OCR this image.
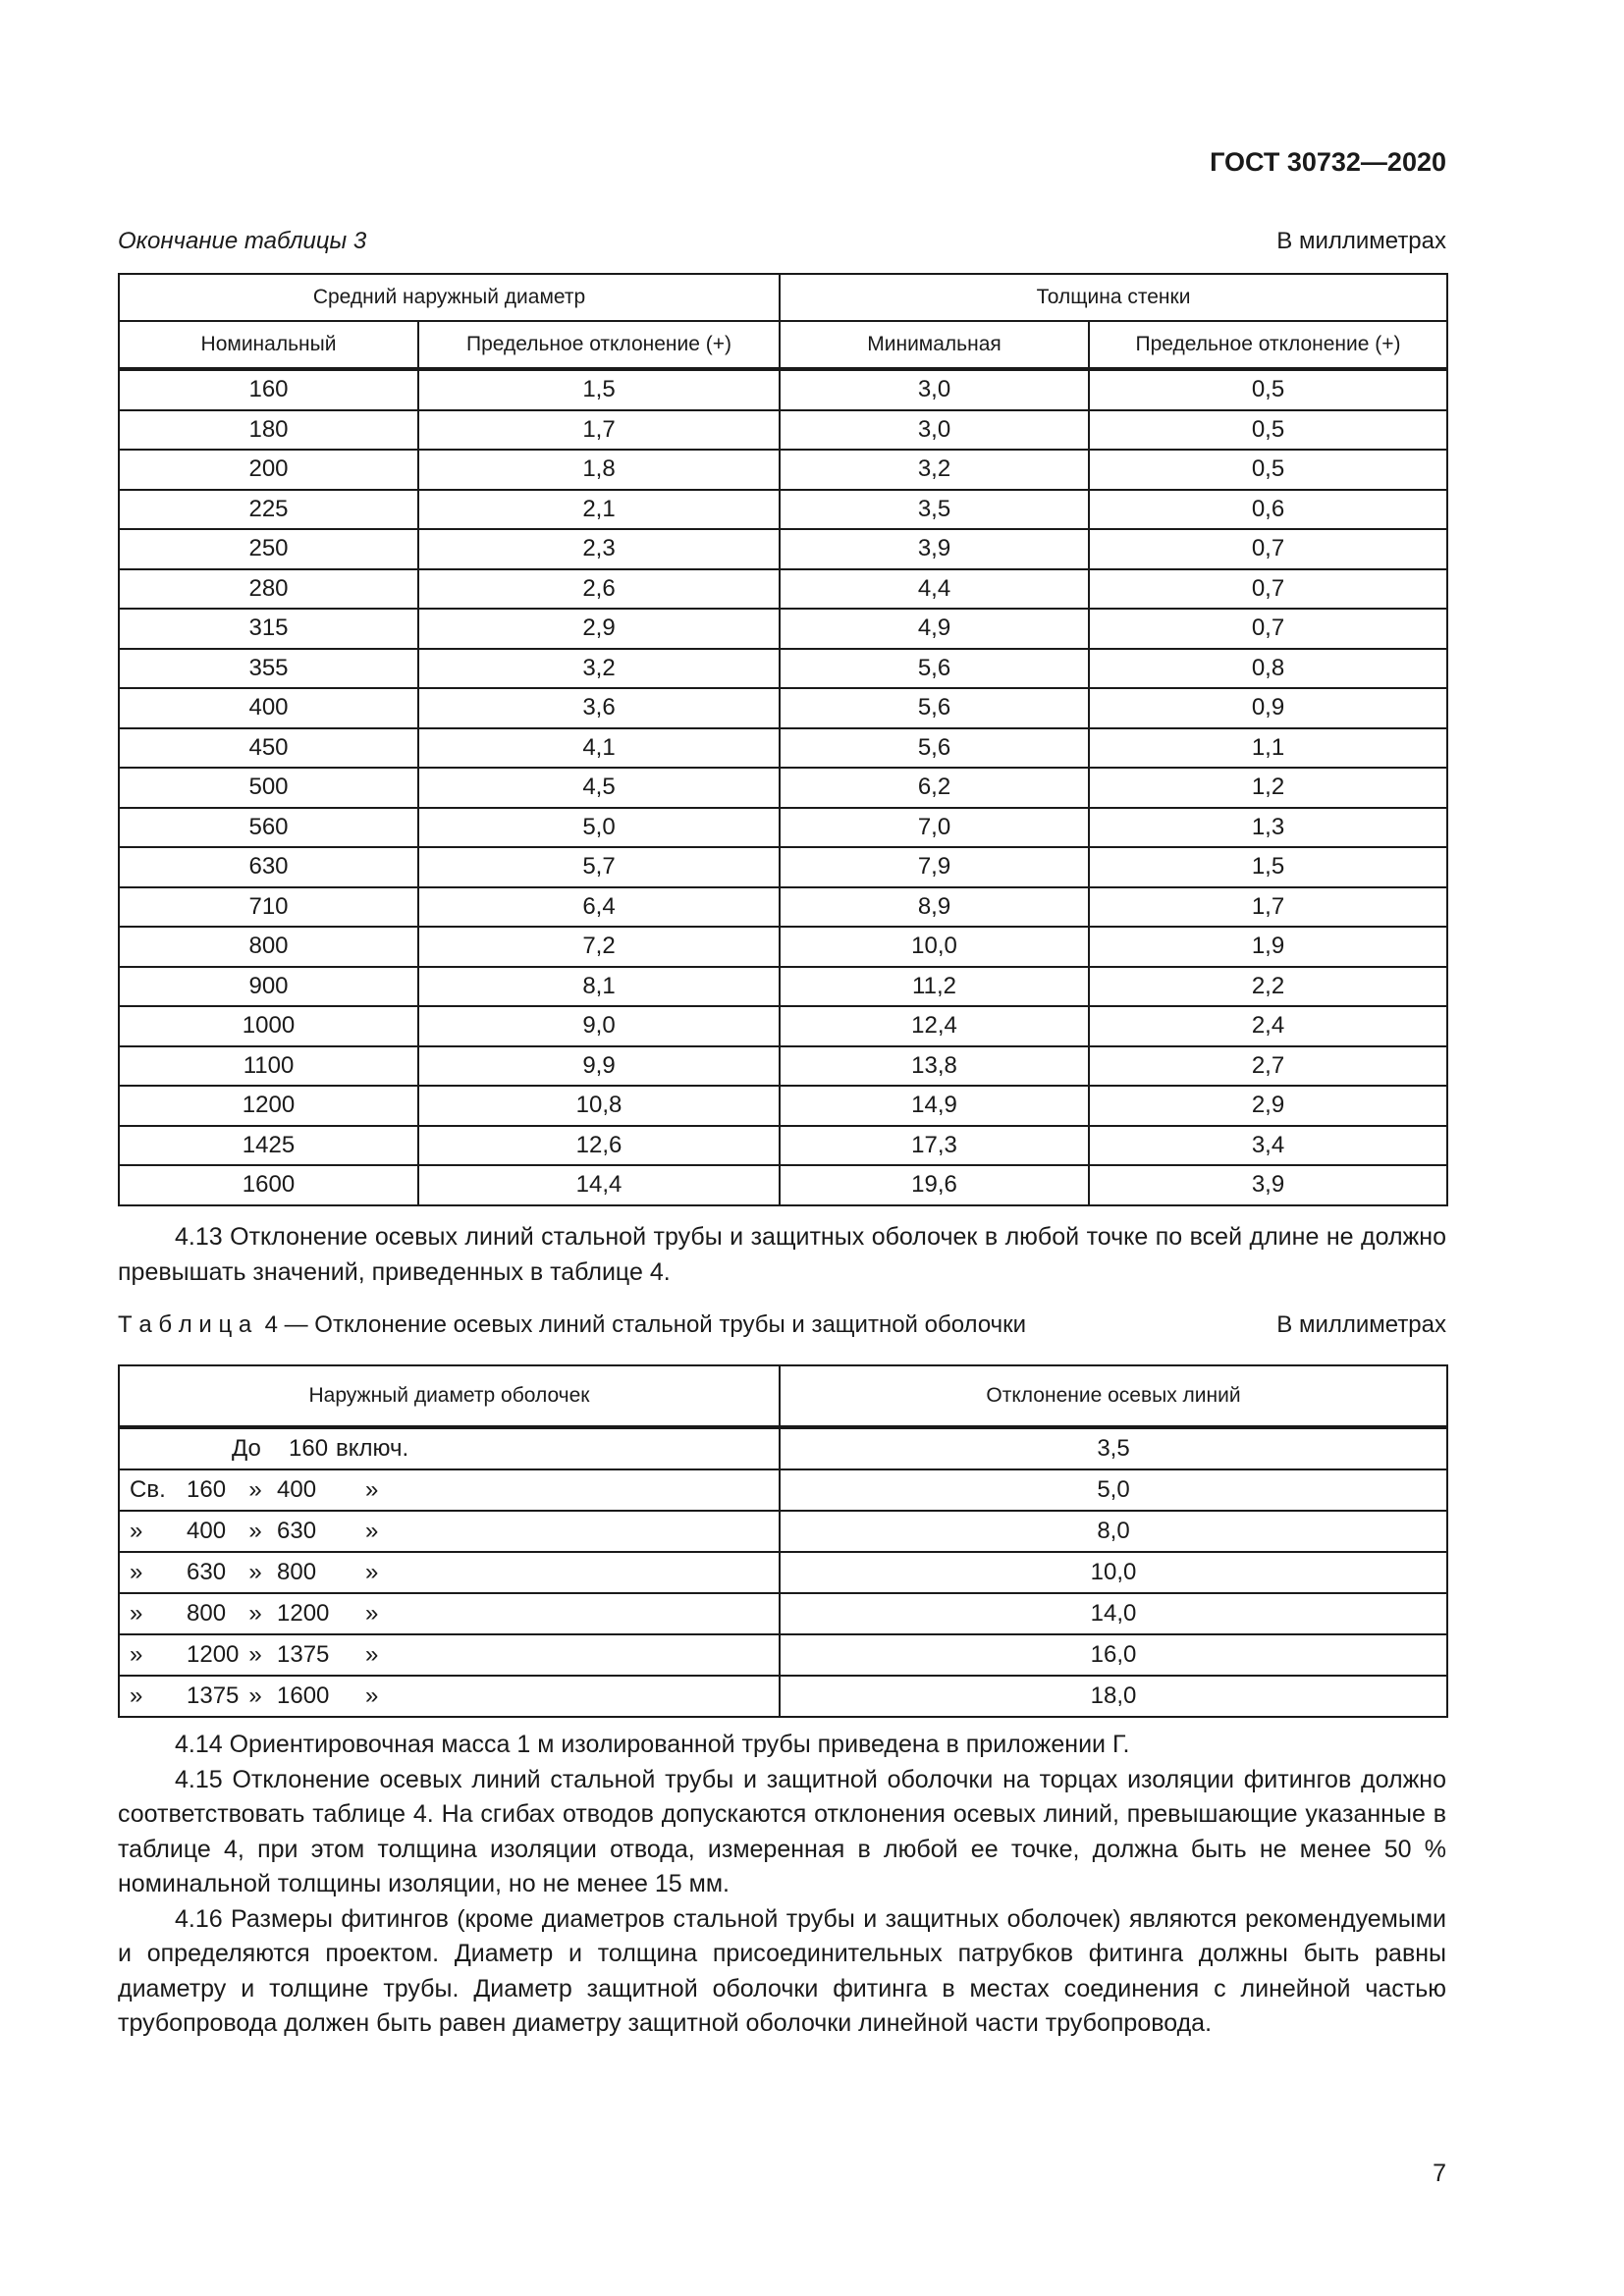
ГОСТ 30732—2020
Окончание таблицы 3	В миллиметрах
Средний наружный диаметр		Толщина стенки	
Номинальный	Предельное отклонение (+)	Минимальная	Предельное отклонение (+)
160	1,5	3,0	0,5
180	1,7	3,0	0,5
200	1,8	3,2	0,5
225	2,1	3,5	0,6
250	2,3	3,9	0,7
280	2,6	4,4	0,7
315	2,9	4,9	0,7
355	3,2	5,6	0,8
400	3,6	5,6	0,9
450	4,1	5,6	1,1
500	4,5	6,2	1,2
560	5,0	7,0	1,3
630	5,7	7,9	1,5
710	6,4	8,9	1,7
800	7,2	10,0	1,9
900	8,1	11,2	2,2
1000	9,0	12,4	2,4
1100	9,9	13,8	2,7
1200	10,8	14,9	2,9
1425	12,6	17,3	3,4
1600	14,4	19,6	3,9

4.13 Отклонение осевых линий стальной трубы и защитных оболочек в любой точке по всей длине не должно превышать значений, приведенных в таблице 4.

Т а б л и ц а  4 — Отклонение осевых линий стальной трубы и защитной оболочки	В миллиметрах
Наружный диаметр оболочек	Отклонение осевых линий

До 160 включ.	3,5

Св. 160 » 400 »	5,0

» 400 » 630 »	8,0

» 630 » 800 »	10,0

» 800 » 1200 »	14,0

» 1200 » 1375 »	16,0

» 1375 » 1600 »	18,0

4.14 Ориентировочная масса 1 м изолированной трубы приведена в приложении Г.

4.15 Отклонение осевых линий стальной трубы и защитной оболочки на торцах изоляции фитингов должно соответствовать таблице 4. На сгибах отводов допускаются отклонения осевых линий, превышающие указанные в таблице 4, при этом толщина изоляции отвода, измеренная в любой ее точке, должна быть не менее 50 % номинальной толщины изоляции, но не менее 15 мм.

4.16 Размеры фитингов (кроме диаметров стальной трубы и защитных оболочек) являются рекомендуемыми и определяются проектом. Диаметр и толщина присоединительных патрубков фитинга должны быть равны диаметру и толщине трубы. Диаметр защитной оболочки фитинга в местах соединения с линейной частью трубопровода должен быть равен диаметру защитной оболочки линейной части трубопровода.

7
